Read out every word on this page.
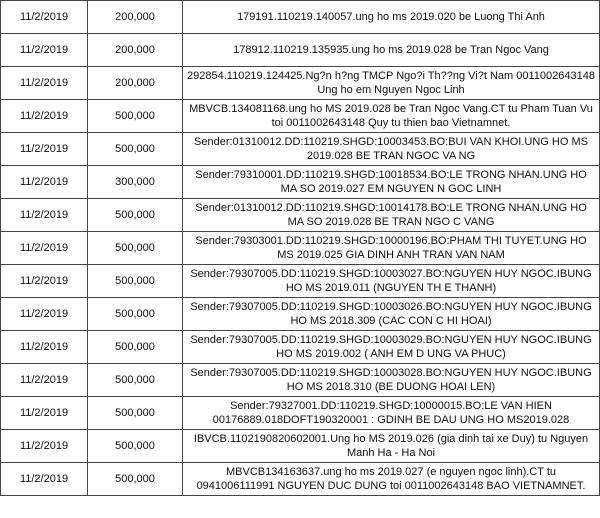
11/2/2019	200,000	179191.110219.140057.ung ho ms 2019.020 be Luong Thi Anh
11/2/2019	200,000	178912.110219.135935.ung ho ms 2019.028 be Tran Ngoc Vang
11/2/2019	200,000	292854.110219.124425.Ng?n h?ng TMCP Ngo?i Th??ng Vi?t Nam 0011002643148 Ung ho em Nguyen Ngoc Linh
11/2/2019	500,000	MBVCB.134081168.ung ho MS 2019.028 be Tran Ngoc Vang.CT tu Pham Tuan Vu toi 0011002643148 Quy tu thien bao Vietnamnet.
11/2/2019	500,000	Sender:01310012.DD:110219.SHGD:10003453.BO:BUI VAN KHOI.UNG HO MS 2019.028 BE TRAN NGOC VA NG
11/2/2019	300,000	Sender:79310001.DD:110219.SHGD:10018534.BO:LE TRONG NHAN.UNG HO MA SO 2019.027 EM NGUYEN N GOC LINH
11/2/2019	500,000	Sender:01310012.DD:110219.SHGD:10014178.BO:LE TRONG NHAN.UNG HO MA SO 2019.028 BE TRAN NGO C VANG
11/2/2019	500,000	Sender:79303001.DD:110219.SHGD:10000196.BO:PHAM THI TUYET.UNG HO MS 2019.025 GIA DINH ANH TRAN VAN NAM
11/2/2019	500,000	Sender:79307005.DD:110219.SHGD:10003027.BO:NGUYEN HUY NGOC.IBUNG HO MS 2019.011 (NGUYEN TH E THANH)
11/2/2019	500,000	Sender:79307005.DD:110219.SHGD:10003026.BO:NGUYEN HUY NGOC.IBUNG HO MS 2018.309 (CAC CON C HI HOAI)
11/2/2019	500,000	Sender:79307005.DD:110219.SHGD:10003029.BO:NGUYEN HUY NGOC.IBUNG HO MS 2019.002 ( ANH EM D UNG VA PHUC)
11/2/2019	500,000	Sender:79307005.DD:110219.SHGD:10003028.BO:NGUYEN HUY NGOC.IBUNG HO MS 2018.310 (BE DUONG HOAI LEN)
11/2/2019	500,000	Sender:79327001.DD:110219.SHGD:10000015.BO:LE VAN HIEN 00176889.018DOFT190320001 : GDINH BE DAU UNG HO MS2019.028
11/2/2019	500,000	IBVCB.1102190820602001.Ung ho MS 2019.026 (gia dinh tai xe Duy) tu Nguyen Manh Ha - Ha Noi
11/2/2019	500,000	MBVCB134163637.ung ho ms 2019.027 (e nguyen ngoc linh).CT tu 0941006111991 NGUYEN DUC DUNG toi 0011002643148 BAO VIETNAMNET.
